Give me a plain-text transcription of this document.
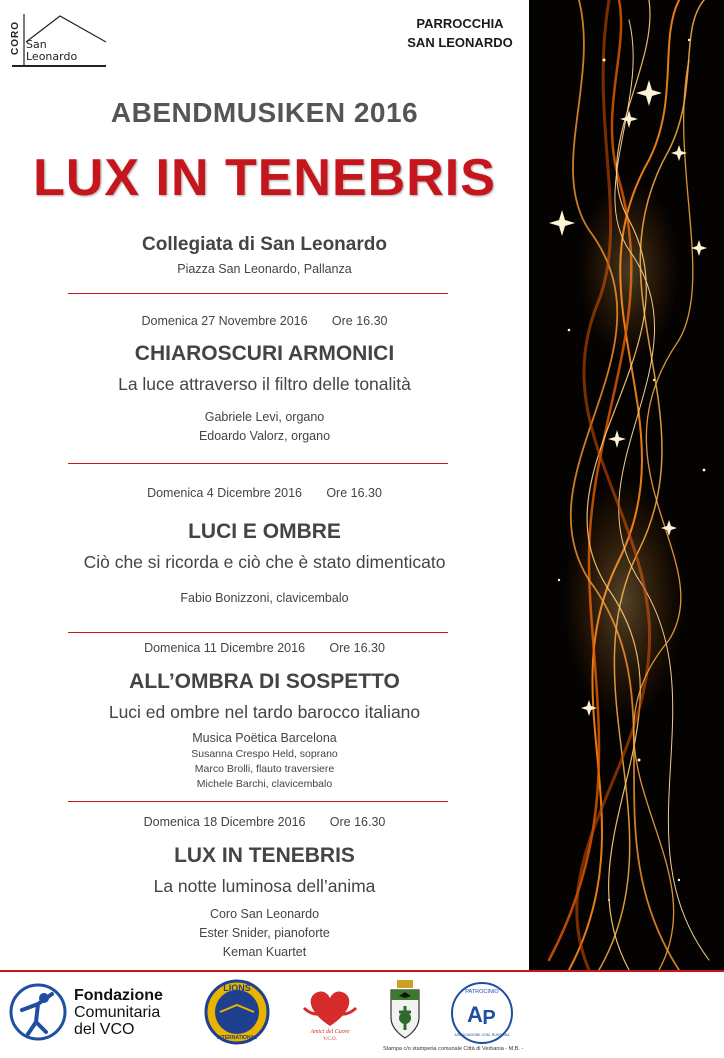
CORO San
Leonardo
PARROCCHIA
SAN LEONARDO
ABENDMUSIKEN 2016
LUX IN TENEBRIS
Collegiata di San Leonardo
Piazza San Leonardo, Pallanza
Domenica 27 Novembre 2016 Ore 16.30
CHIAROSCURI ARMONICI
La luce attraverso il filtro delle tonalità
Gabriele Levi, organo
Edoardo Valorz, organo
Domenica 4 Dicembre 2016 Ore 16.30
LUCI E OMBRE
Ciò che si ricorda e ciò che è stato dimenticato
Fabio Bonizzoni, clavicembalo
Domenica 11 Dicembre 2016 Ore 16.30
ALL’OMBRA DI SOSPETTO
Luci ed ombre nel tardo barocco italiano
Musica Poëtica Barcelona
Susanna Crespo Held, soprano
Marco Brolli, flauto traversiere
Michele Barchi, clavicembalo
Domenica 18 Dicembre 2016 Ore 16.30
LUX IN TENEBRIS
La notte luminosa dell’anima
Coro San Leonardo
Ester Snider, pianoforte
Keman Kuartet
Fondazione
Comunitaria
del VCO
LIONS
INTERNATIONAL
Amici del Cuore
V.C.O.
PATROCINIO
A P
ASSOCIAZIONE COM. RUSSIANA
Stampa c/o stamperia comunale Città di Verbania - M.B. -
